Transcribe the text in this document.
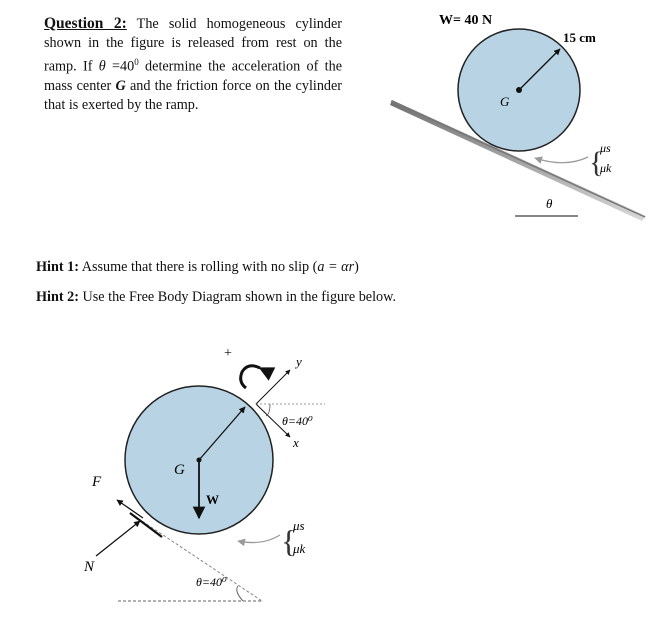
Question 2: The solid homogeneous cylinder shown in the figure is released from rest on the ramp. If $\theta =40^0$ determine the acceleration of the mass center G and the friction force on the cylinder that is exerted by the ramp.
Hint 1: Assume that there is rolling with no slip (a = αr)
Hint 2: Use the Free Body Diagram shown in the figure below.
G
W= 40 N
15 cm
{
μs
μk
θ
θ=40⁰
G
W
F
N
+
y
x
θ=40⁰
{
μs
μk
